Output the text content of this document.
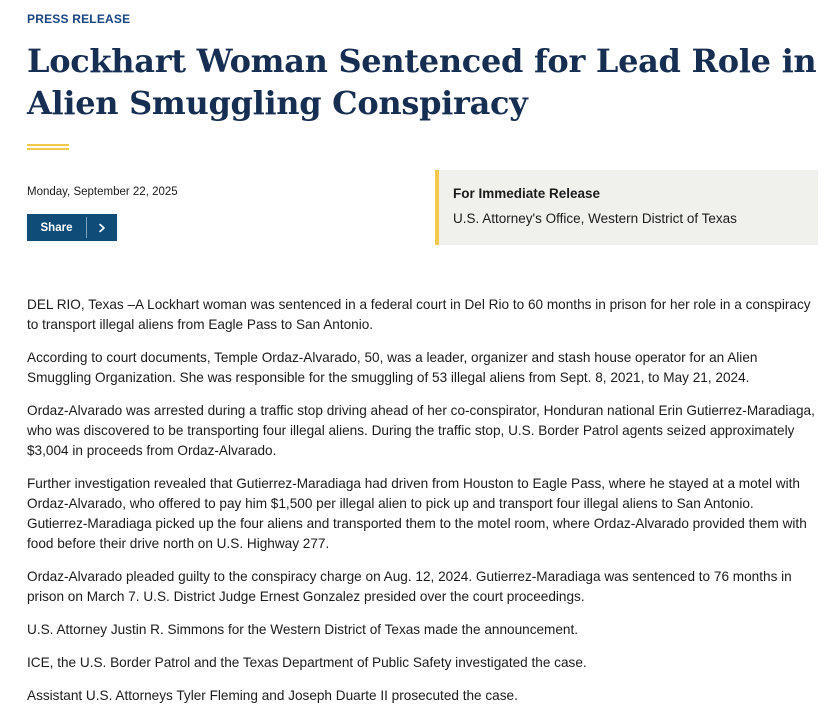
PRESS RELEASE
Lockhart Woman Sentenced for Lead Role in Alien Smuggling Conspiracy
Monday, September 22, 2025
Share
For Immediate Release
U.S. Attorney's Office, Western District of Texas

DEL RIO, Texas –A Lockhart woman was sentenced in a federal court in Del Rio to 60 months in prison for her role in a conspiracy to transport illegal aliens from Eagle Pass to San Antonio.

According to court documents, Temple Ordaz-Alvarado, 50, was a leader, organizer and stash house operator for an Alien Smuggling Organization. She was responsible for the smuggling of 53 illegal aliens from Sept. 8, 2021, to May 21, 2024.

Ordaz-Alvarado was arrested during a traffic stop driving ahead of her co-conspirator, Honduran national Erin Gutierrez-Maradiaga, who was discovered to be transporting four illegal aliens. During the traffic stop, U.S. Border Patrol agents seized approximately $3,004 in proceeds from Ordaz-Alvarado.

Further investigation revealed that Gutierrez-Maradiaga had driven from Houston to Eagle Pass, where he stayed at a motel with Ordaz-Alvarado, who offered to pay him $1,500 per illegal alien to pick up and transport four illegal aliens to San Antonio. Gutierrez-Maradiaga picked up the four aliens and transported them to the motel room, where Ordaz-Alvarado provided them with food before their drive north on U.S. Highway 277.

Ordaz-Alvarado pleaded guilty to the conspiracy charge on Aug. 12, 2024. Gutierrez-Maradiaga was sentenced to 76 months in prison on March 7. U.S. District Judge Ernest Gonzalez presided over the court proceedings.

U.S. Attorney Justin R. Simmons for the Western District of Texas made the announcement.

ICE, the U.S. Border Patrol and the Texas Department of Public Safety investigated the case.

Assistant U.S. Attorneys Tyler Fleming and Joseph Duarte II prosecuted the case.
